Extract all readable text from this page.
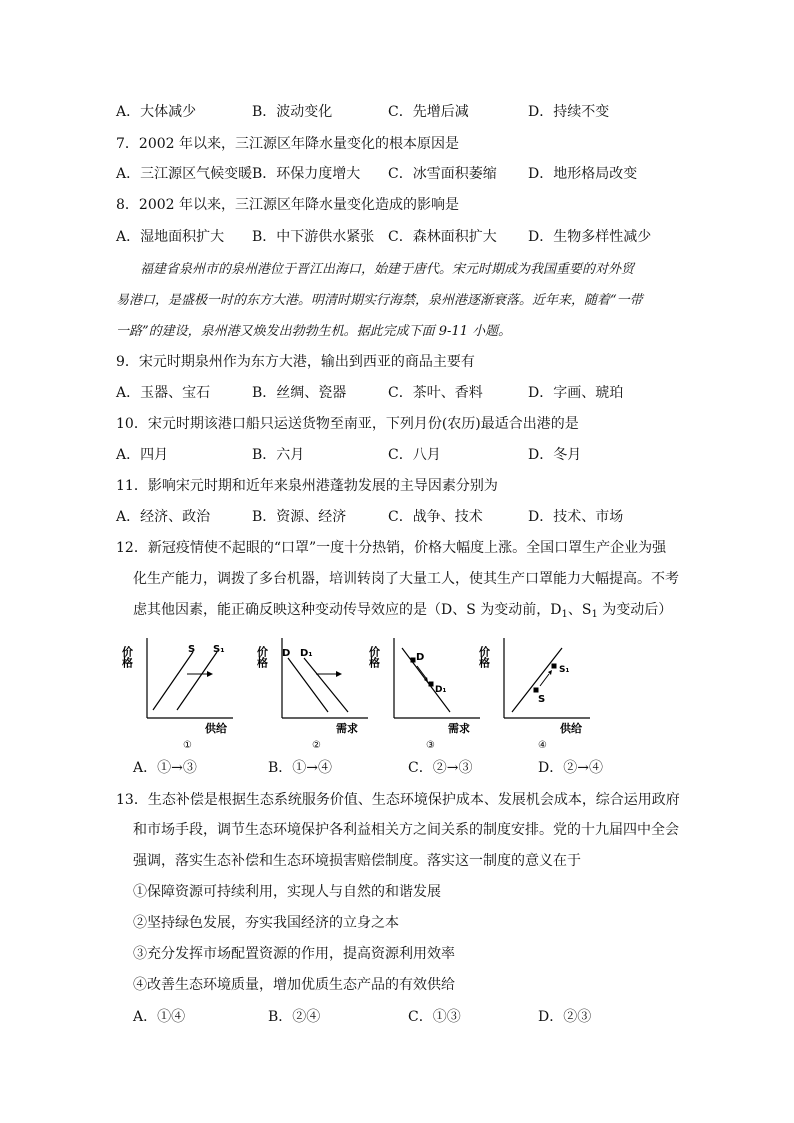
A．大体减少	B．波动变化	C．先增后减	D．持续不变
7．2002 年以来，三江源区年降水量变化的根本原因是
A．三江源区气候变暖 B．环保力度增大 C．冰雪面积萎缩 D．地形格局改变
8．2002 年以来，三江源区年降水量变化造成的影响是
A．湿地面积扩大 B．中下游供水紧张 C．森林面积扩大 D．生物多样性减少
福建省泉州市的泉州港位于晋江出海口，始建于唐代。宋元时期成为我国重要的对外贸
易港口，是盛极一时的东方大港。明清时期实行海禁，泉州港逐渐衰落。近年来，随着“一带
一路”的建设，泉州港又焕发出勃勃生机。据此完成下面 9-11 小题。
9．宋元时期泉州作为东方大港，输出到西亚的商品主要有
A．玉器、宝石	B．丝绸、瓷器	C．茶叶、香料	D．字画、琥珀
10．宋元时期该港口船只运送货物至南亚，下列月份(农历)最适合出港的是
A．四月	B．六月	C．八月	D．冬月
11．影响宋元时期和近年来泉州港蓬勃发展的主导因素分别为
A．经济、政治	B．资源、经济	C．战争、技术	D．技术、市场
12．新冠疫情使不起眼的“口罩”一度十分热销，价格大幅度上涨。全国口罩生产企业为强
化生产能力，调拨了多台机器，培训转岗了大量工人，使其生产口罩能力大幅提高。不考
虑其他因素，能正确反映这种变动传导效应的是（D、S 为变动前，$D_1$、$S_1$ 为变动后）
价格	S S₁
供给
①
价格 D D₁
需求
②
价格	D
D₁
需求
③
价格
S
S₁
供给
④
A．①→③	B．①→④	C．②→③	D．②→④
13．生态补偿是根据生态系统服务价值、生态环境保护成本、发展机会成本，综合运用政府
和市场手段，调节生态环境保护各利益相关方之间关系的制度安排。党的十九届四中全会
强调，落实生态补偿和生态环境损害赔偿制度。落实这一制度的意义在于
①保障资源可持续利用，实现人与自然的和谐发展
②坚持绿色发展，夯实我国经济的立身之本
③充分发挥市场配置资源的作用，提高资源利用效率
④改善生态环境质量，增加优质生态产品的有效供给
A．①④	B．②④	C．①③	D．②③
